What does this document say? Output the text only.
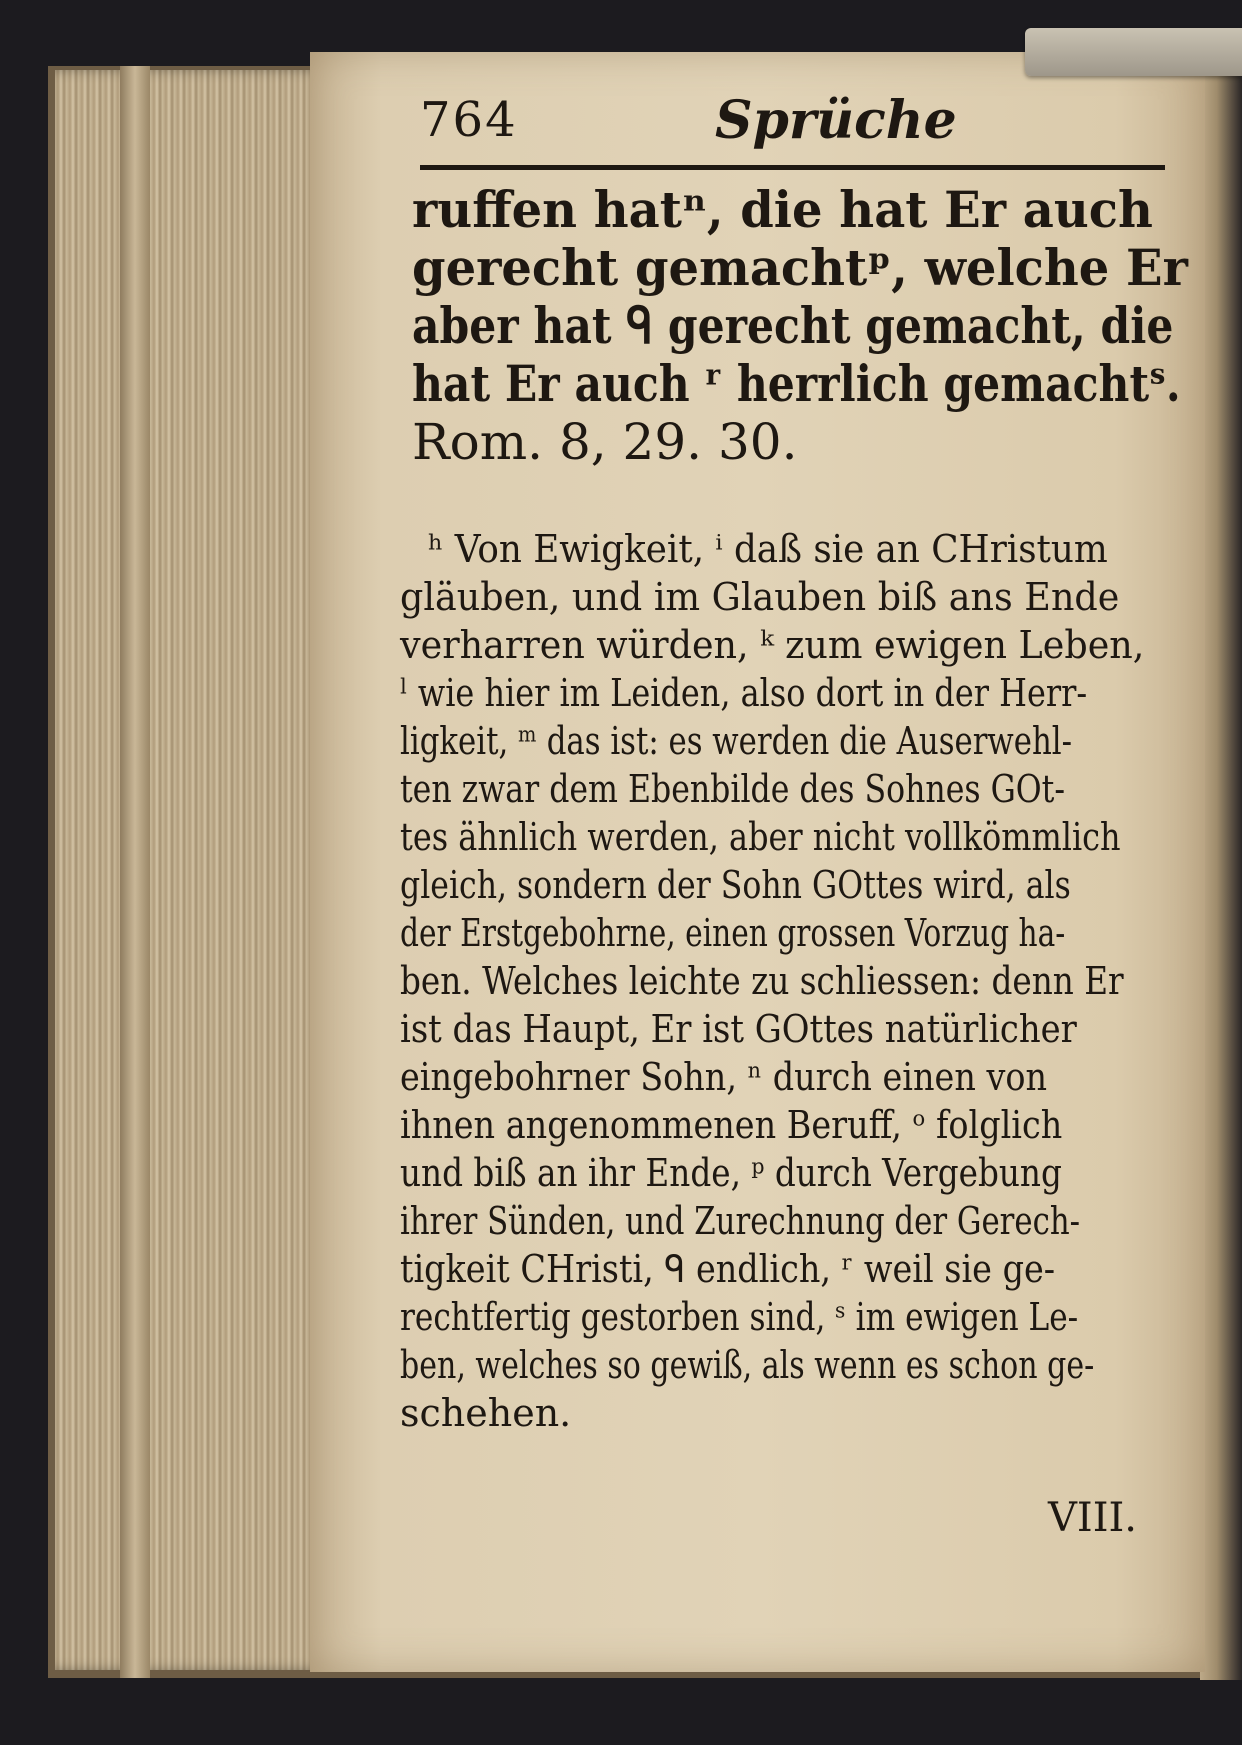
764	Sprüche

ruffen hatⁿ, die hat Er auch

gerecht gemachtᵖ, welche Er

aber hat ᑫ gerecht gemacht, die

hat Er auch ʳ herrlich gemachtˢ.

Rom. 8, 29. 30.

ʰ Von Ewigkeit, ⁱ daß sie an CHristum

gläuben, und im Glauben biß ans Ende

verharren würden, ᵏ zum ewigen Leben,

ˡ wie hier im Leiden, also dort in der Herr-

ligkeit, ᵐ das ist: es werden die Auserwehl-

ten zwar dem Ebenbilde des Sohnes GOt-

tes ähnlich werden, aber nicht vollkömmlich

gleich, sondern der Sohn GOttes wird, als

der Erstgebohrne, einen grossen Vorzug ha-

ben. Welches leichte zu schliessen: denn Er

ist das Haupt, Er ist GOttes natürlicher

eingebohrner Sohn, ⁿ durch einen von

ihnen angenommenen Beruff, ᵒ folglich

und biß an ihr Ende, ᵖ durch Vergebung

ihrer Sünden, und Zurechnung der Gerech-

tigkeit CHristi, ᑫ endlich, ʳ weil sie ge-

rechtfertig gestorben sind, ˢ im ewigen Le-

ben, welches so gewiß, als wenn es schon ge-

schehen.

VIII.
